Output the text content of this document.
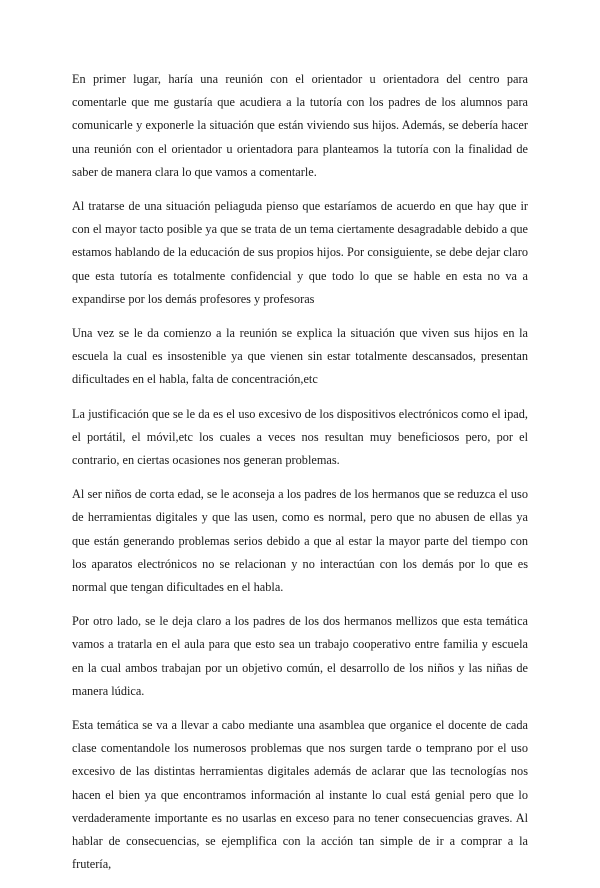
En primer lugar, haría una reunión con el orientador u orientadora del centro para comentarle que me gustaría que acudiera a la tutoría con los padres de los alumnos para comunicarle y exponerle la situación que están viviendo sus hijos. Además, se debería hacer una reunión con el orientador u orientadora para planteamos la tutoría con la finalidad de saber de manera clara lo que vamos a comentarle.

Al tratarse de una situación peliaguda pienso que estaríamos de acuerdo en que hay que ir con el mayor tacto posible ya que se trata de un tema ciertamente desagradable debido a que estamos hablando de la educación de sus propios hijos. Por consiguiente, se debe dejar claro que esta tutoría es totalmente confidencial y que todo lo que se hable en esta no va a expandirse por los demás profesores y profesoras

Una vez se le da comienzo a la reunión se explica la situación que viven sus hijos en la escuela la cual es insostenible ya que vienen sin estar totalmente descansados, presentan dificultades en el habla, falta de concentración,etc

La justificación que se le da es el uso excesivo de los dispositivos electrónicos como el ipad, el portátil, el móvil,etc los cuales a veces nos resultan muy beneficiosos pero, por el contrario, en ciertas ocasiones nos generan problemas.

Al ser niños de corta edad, se le aconseja a los padres de los hermanos que se reduzca el uso de herramientas digitales y que las usen, como es normal, pero que no abusen de ellas ya que están generando problemas serios debido a que al estar la mayor parte del tiempo con los aparatos electrónicos no se relacionan y no interactúan con los demás por lo que es normal que tengan dificultades en el habla.

Por otro lado, se le deja claro a los padres de los dos hermanos mellizos que esta temática vamos a tratarla en el aula para que esto sea un trabajo cooperativo entre familia y escuela en la cual ambos trabajan por un objetivo común, el desarrollo de los niños y las niñas de manera lúdica.

Esta temática se va a llevar a cabo mediante una asamblea que organice el docente de cada clase comentandole los numerosos problemas que nos surgen tarde o temprano por el uso excesivo de las distintas herramientas digitales además de aclarar que las tecnologías nos hacen el bien ya que encontramos información al instante lo cual está genial pero que lo verdaderamente importante es no usarlas en exceso para no tener consecuencias graves. Al hablar de consecuencias, se ejemplifica con la acción tan simple de ir a comprar a la frutería,
